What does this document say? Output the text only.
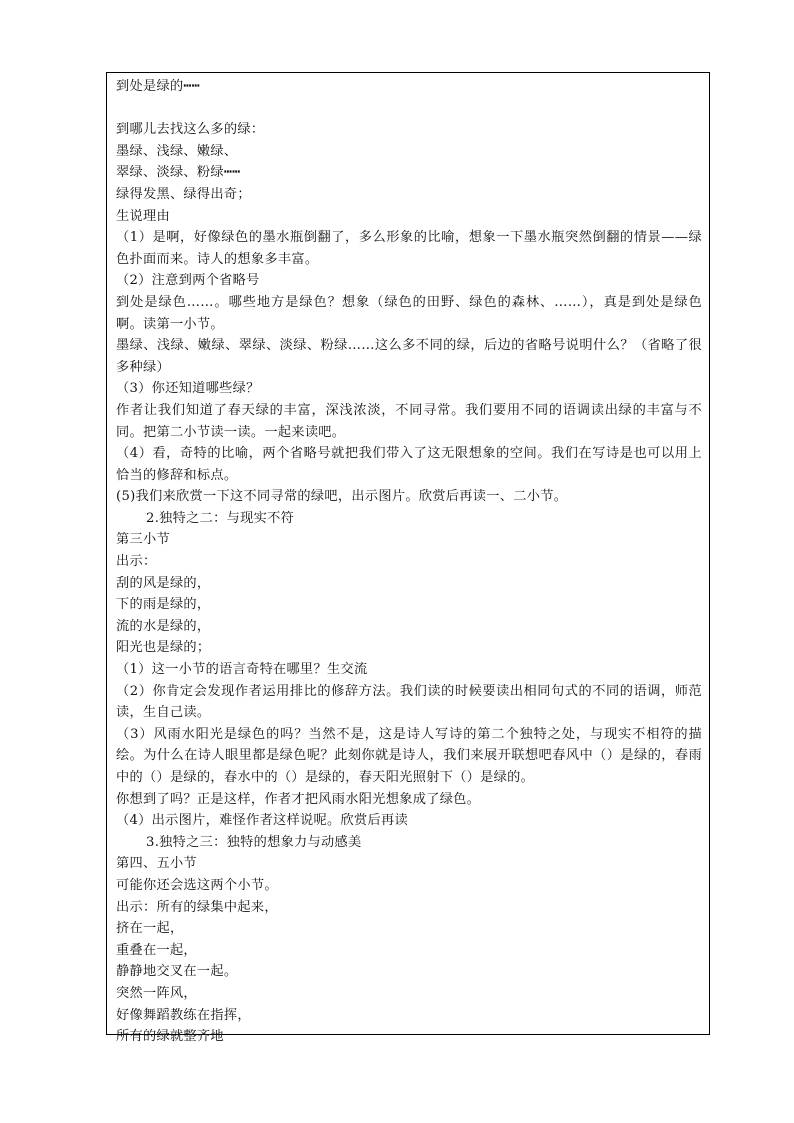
到处是绿的┅┅
到哪儿去找这么多的绿：
墨绿、浅绿、嫩绿、
翠绿、淡绿、粉绿┅┅
绿得发黑、绿得出奇；
生说理由
（1）是啊，好像绿色的墨水瓶倒翻了，多么形象的比喻，想象一下墨水瓶突然倒翻的情景——绿色扑面而来。诗人的想象多丰富。
（2）注意到两个省略号
到处是绿色……。哪些地方是绿色？想象（绿色的田野、绿色的森林、……），真是到处是绿色啊。读第一小节。
墨绿、浅绿、嫩绿、翠绿、淡绿、粉绿……这么多不同的绿，后边的省略号说明什么？（省略了很多种绿）
（3）你还知道哪些绿？
作者让我们知道了春天绿的丰富，深浅浓淡，不同寻常。我们要用不同的语调读出绿的丰富与不同。把第二小节读一读。一起来读吧。
（4）看，奇特的比喻，两个省略号就把我们带入了这无限想象的空间。我们在写诗是也可以用上恰当的修辞和标点。
(5)我们来欣赏一下这不同寻常的绿吧，出示图片。欣赏后再读一、二小节。
2.独特之二：与现实不符
第三小节
出示：
刮的风是绿的，
下的雨是绿的，
流的水是绿的，
阳光也是绿的；
（1）这一小节的语言奇特在哪里？生交流
（2）你肯定会发现作者运用排比的修辞方法。我们读的时候要读出相同句式的不同的语调，师范读，生自己读。
（3）风雨水阳光是绿色的吗？当然不是，这是诗人写诗的第二个独特之处，与现实不相符的描绘。为什么在诗人眼里都是绿色呢？此刻你就是诗人，我们来展开联想吧春风中（）是绿的，春雨中的（）是绿的，春水中的（）是绿的，春天阳光照射下（）是绿的。
你想到了吗？正是这样，作者才把风雨水阳光想象成了绿色。
（4）出示图片，难怪作者这样说呢。欣赏后再读
3.独特之三：独特的想象力与动感美
第四、五小节
可能你还会选这两个小节。
出示：所有的绿集中起来，
挤在一起，
重叠在一起，
静静地交叉在一起。
突然一阵风，
好像舞蹈教练在指挥，
所有的绿就整齐地
